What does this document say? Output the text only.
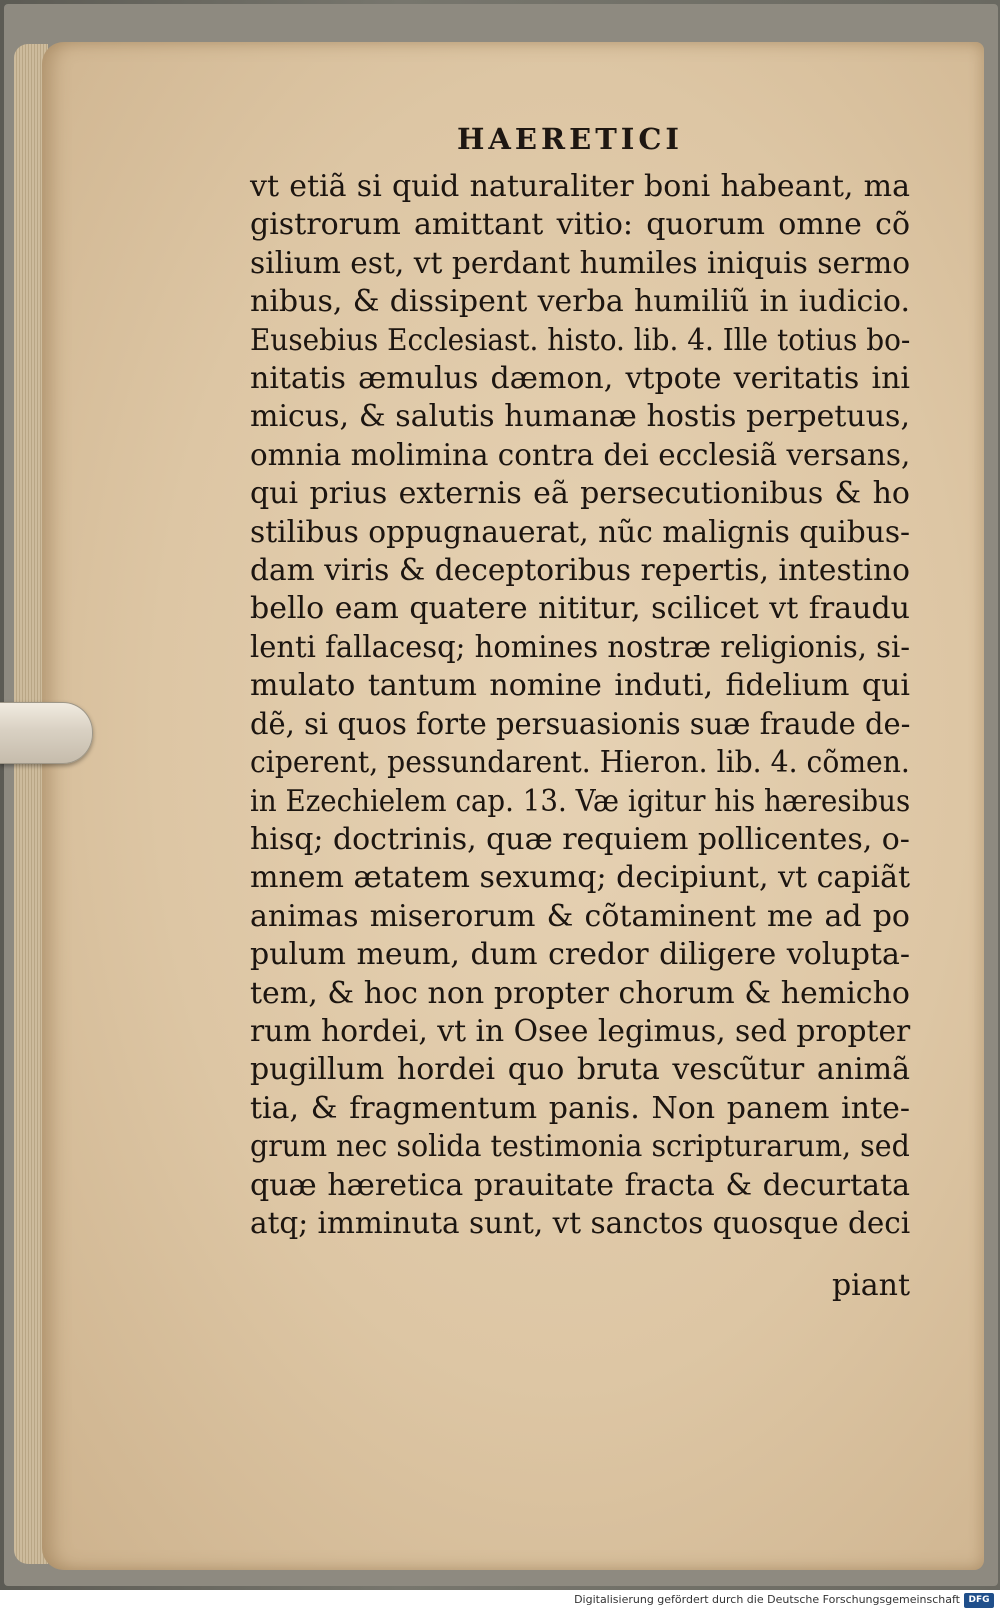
HAERETICI
vt etiã si quid naturaliter boni habeant, ma
gistrorum amittant vitio: quorum omne cõ
silium est, vt perdant humiles iniquis sermo
nibus, & dissipent verba humiliũ in iudicio.
Eusebius Ecclesiast. histo. lib. 4. Ille totius bo-
nitatis æmulus dæmon, vtpote veritatis ini
micus, & salutis humanæ hostis perpetuus,
omnia molimina contra dei ecclesiã versans,
qui prius externis eã persecutionibus & ho
stilibus oppugnauerat, nũc malignis quibus-
dam viris & deceptoribus repertis, intestino
bello eam quatere nititur, scilicet vt fraudu
lenti fallacesq; homines nostræ religionis, si-
mulato tantum nomine induti, fidelium qui
dẽ, si quos forte persuasionis suæ fraude de-
ciperent, pessundarent. Hieron. lib. 4. cõmen.
in Ezechielem cap. 13. Væ igitur his hæresibus
hisq; doctrinis, quæ requiem pollicentes, o-
mnem ætatem sexumq; decipiunt, vt capiãt
animas miserorum & cõtaminent me ad po
pulum meum, dum credor diligere volupta-
tem, & hoc non propter chorum & hemicho
rum hordei, vt in Osee legimus, sed propter
pugillum hordei quo bruta vescũtur animã
tia, & fragmentum panis. Non panem inte-
grum nec solida testimonia scripturarum, sed
quæ hæretica prauitate fracta & decurtata
atq; imminuta sunt, vt sanctos quosque deci
piant
Digitalisierung gefördert durch die Deutsche Forschungsgemeinschaft DFG
